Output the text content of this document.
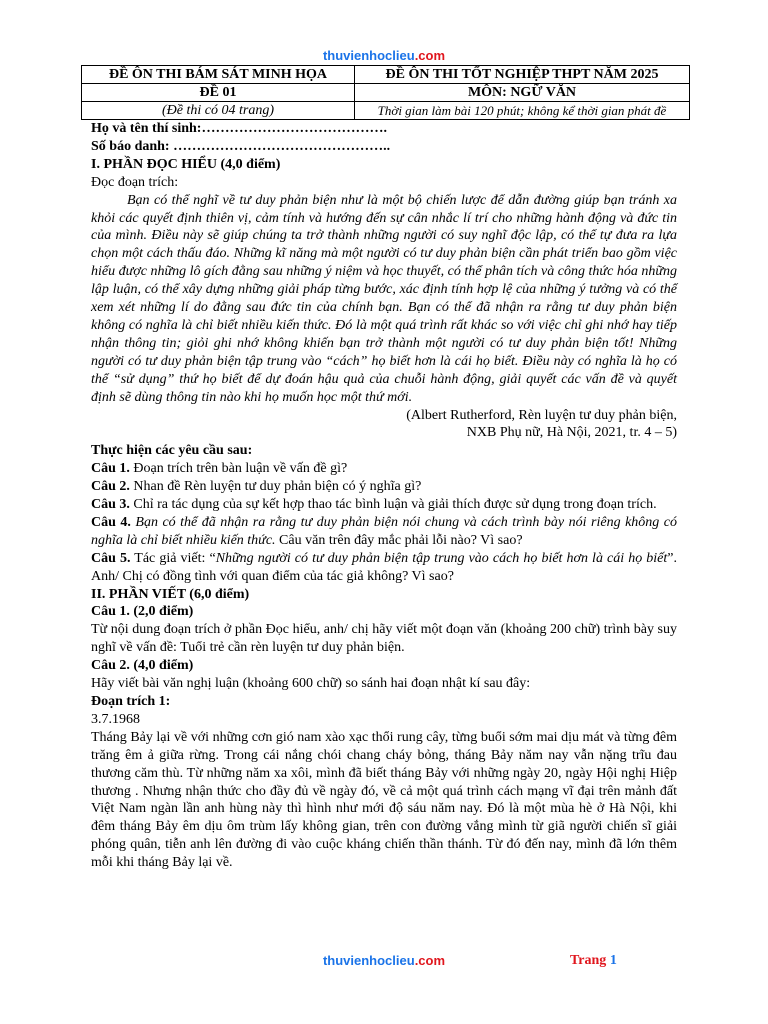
thuvienhoclieu.com
ĐỀ ÔN THI BÁM SÁT MINH HỌA	ĐỀ ÔN THI TỐT NGHIỆP THPT NĂM 2025
ĐỀ 01	MÔN: NGỮ VĂN
(Đề thi có 04 trang)	Thời gian làm bài 120 phút; không kể thời gian phát đề

Họ và tên thí sinh:………………………………….

Số báo danh: ………………………………………..

I. PHẦN ĐỌC HIỂU (4,0 điểm)

Đọc đoạn trích:

Bạn có thể nghĩ về tư duy phản biện như là một bộ chiến lược để dẫn đường giúp bạn tránh xa khỏi các quyết định thiên vị, cảm tính và hướng đến sự cân nhắc lí trí cho những hành động và đức tin của mình. Điều này sẽ giúp chúng ta trở thành những người có suy nghĩ độc lập, có thể tự đưa ra lựa chọn một cách thấu đáo. Những kĩ năng mà một người có tư duy phản biện cần phát triển bao gồm việc hiểu được những lô gích đằng sau những ý niệm và học thuyết, có thể phân tích và công thức hóa những lập luận, có thể xây dựng những giải pháp từng bước, xác định tính hợp lệ của những ý tưởng và có thể xem xét những lí do đằng sau đức tin của chính bạn. Bạn có thể đã nhận ra rằng tư duy phản biện không có nghĩa là chỉ biết nhiều kiến thức. Đó là một quá trình rất khác so với việc chỉ ghi nhớ hay tiếp nhận thông tin; giỏi ghi nhớ không khiến bạn trở thành một người có tư duy phản biện tốt! Những người có tư duy phản biện tập trung vào “cách” họ biết hơn là cái họ biết. Điều này có nghĩa là họ có thể “sử dụng” thứ họ biết để dự đoán hậu quả của chuỗi hành động, giải quyết các vấn đề và quyết định sẽ dùng thông tin nào khi họ muốn học một thứ mới.

(Albert Rutherford, Rèn luyện tư duy phản biện,

NXB Phụ nữ, Hà Nội, 2021, tr. 4 – 5)

Thực hiện các yêu cầu sau:

Câu 1. Đoạn trích trên bàn luận về vấn đề gì?

Câu 2. Nhan đề Rèn luyện tư duy phản biện có ý nghĩa gì?

Câu 3. Chỉ ra tác dụng của sự kết hợp thao tác bình luận và giải thích được sử dụng trong đoạn trích.

Câu 4. Bạn có thể đã nhận ra rằng tư duy phản biện nói chung và cách trình bày nói riêng không có nghĩa là chỉ biết nhiều kiến thức. Câu văn trên đây mắc phải lỗi nào? Vì sao?

Câu 5. Tác giả viết: “Những người có tư duy phản biện tập trung vào cách họ biết hơn là cái họ biết”. Anh/ Chị có đồng tình với quan điểm của tác giả không? Vì sao?

II. PHẦN VIẾT (6,0 điểm)

Câu 1. (2,0 điểm)

Từ nội dung đoạn trích ở phần Đọc hiểu, anh/ chị hãy viết một đoạn văn (khoảng 200 chữ) trình bày suy nghĩ về vấn đề: Tuổi trẻ cần rèn luyện tư duy phản biện.

Câu 2. (4,0 điểm)

Hãy viết bài văn nghị luận (khoảng 600 chữ) so sánh hai đoạn nhật kí sau đây:

Đoạn trích 1:

3.7.1968

Tháng Bảy lại về với những cơn gió nam xào xạc thổi rung cây, từng buổi sớm mai dịu mát và từng đêm trăng êm ả giữa rừng. Trong cái nắng chói chang cháy bỏng, tháng Bảy năm nay vẫn nặng trĩu đau thương căm thù. Từ những năm xa xôi, mình đã biết tháng Bảy với những ngày 20, ngày Hội nghị Hiệp thương . Nhưng nhận thức cho đầy đủ về ngày đó, về cả một quá trình cách mạng vĩ đại trên mảnh đất Việt Nam ngàn lần anh hùng này thì hình như mới độ sáu năm nay. Đó là một mùa hè ở Hà Nội, khi đêm tháng Bảy êm dịu ôm trùm lấy không gian, trên con đường vắng mình từ giã người chiến sĩ giải phóng quân, tiễn anh lên đường đi vào cuộc kháng chiến thần thánh. Từ đó đến nay, mình đã lớn thêm mỗi khi tháng Bảy lại về.

thuvienhoclieu.com	Trang 1
